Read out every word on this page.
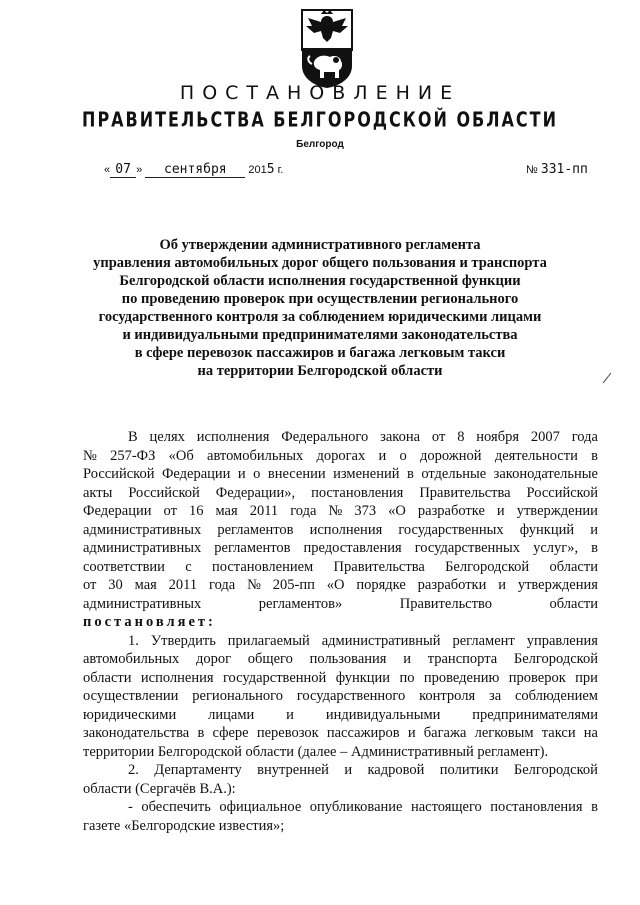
ПОСТАНОВЛЕНИЕ
ПРАВИТЕЛЬСТВА БЕЛГОРОДСКОЙ ОБЛАСТИ
Белгород
« 07 » сентября 2015 г.	№ 331-пп
Об утверждении административного регламента
управления автомобильных дорог общего пользования и транспорта
Белгородской области исполнения государственной функции
по проведению проверок при осуществлении регионального
государственного контроля за соблюдением юридическими лицами
и индивидуальными предпринимателями законодательства
в сфере перевозок пассажиров и багажа легковым такси
на территории Белгородской области
В целях исполнения Федерального закона от 8 ноября 2007 года
№ 257-ФЗ «Об автомобильных дорогах и о дорожной деятельности в
Российской Федерации и о внесении изменений в отдельные законодательные
акты Российской Федерации», постановления Правительства Российской
Федерации от 16 мая 2011 года № 373 «О разработке и утверждении
административных регламентов исполнения государственных функций и
административных регламентов предоставления государственных услуг», в
соответствии с постановлением Правительства Белгородской области
от 30 мая 2011 года № 205-пп «О порядке разработки и утверждения
административных	регламентов»	Правительство	области
постановляет:
1. Утвердить прилагаемый административный регламент управления
автомобильных дорог общего пользования и транспорта Белгородской
области исполнения государственной функции по проведению проверок при
осуществлении регионального государственного контроля за соблюдением
юридическими лицами и индивидуальными предпринимателями
законодательства в сфере перевозок пассажиров и багажа легковым такси на
территории Белгородской области (далее – Административный регламент).
2. Департаменту внутренней и кадровой политики Белгородской
области (Сергачёв В.А.):
- обеспечить официальное опубликование настоящего постановления в
газете «Белгородские известия»;
